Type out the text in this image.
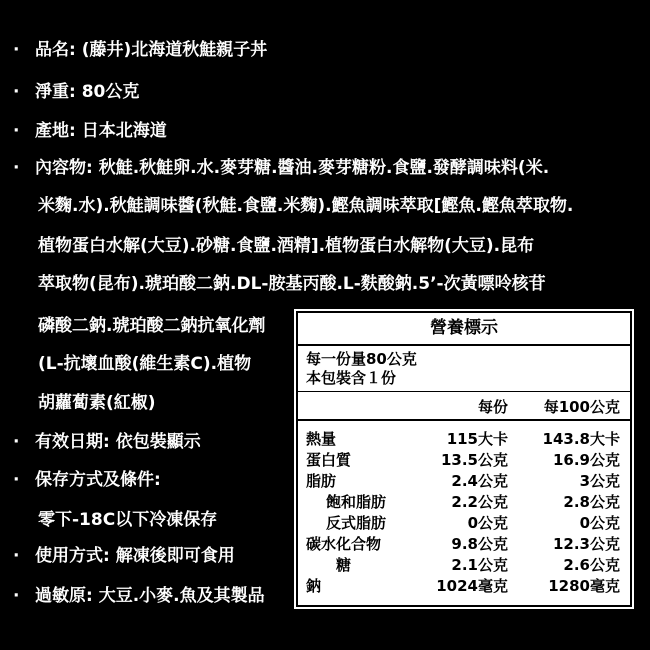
·
·
·
·
·
·
·
·
品名: (藤井)北海道秋鮭親子丼
淨重: 80公克
產地: 日本北海道
內容物: 秋鮭.秋鮭卵.水.麥芽糖.醬油.麥芽糖粉.食鹽.發酵調味料(米.
米麴.水).秋鮭調味醬(秋鮭.食鹽.米麴).鰹魚調味萃取[鰹魚.鰹魚萃取物.
植物蛋白水解(大豆).砂糖.食鹽.酒精].植物蛋白水解物(大豆).昆布
萃取物(昆布).琥珀酸二鈉.DL-胺基丙酸.L-麩酸鈉.5’-次黃嘌呤核苷
磷酸二鈉.琥珀酸二鈉抗氧化劑
(L-抗壞血酸(維生素C).植物
胡蘿蔔素(紅椒)
有效日期: 依包裝顯示
保存方式及條件:
零下-18C以下冷凍保存
使用方式: 解凍後即可食用
過敏原: 大豆.小麥.魚及其製品
營養標示
每一份量80公克
本包裝含１份
每份 每100公克
熱量	115大卡 143.8大卡
蛋白質	13.5公克	16.9公克
脂肪	2.4公克	3公克
飽和脂肪	2.2公克	2.8公克
反式脂肪	0公克	0公克
碳水化合物	9.8公克	12.3公克
糖	2.1公克	2.6公克
鈉	1024毫克	1280毫克
